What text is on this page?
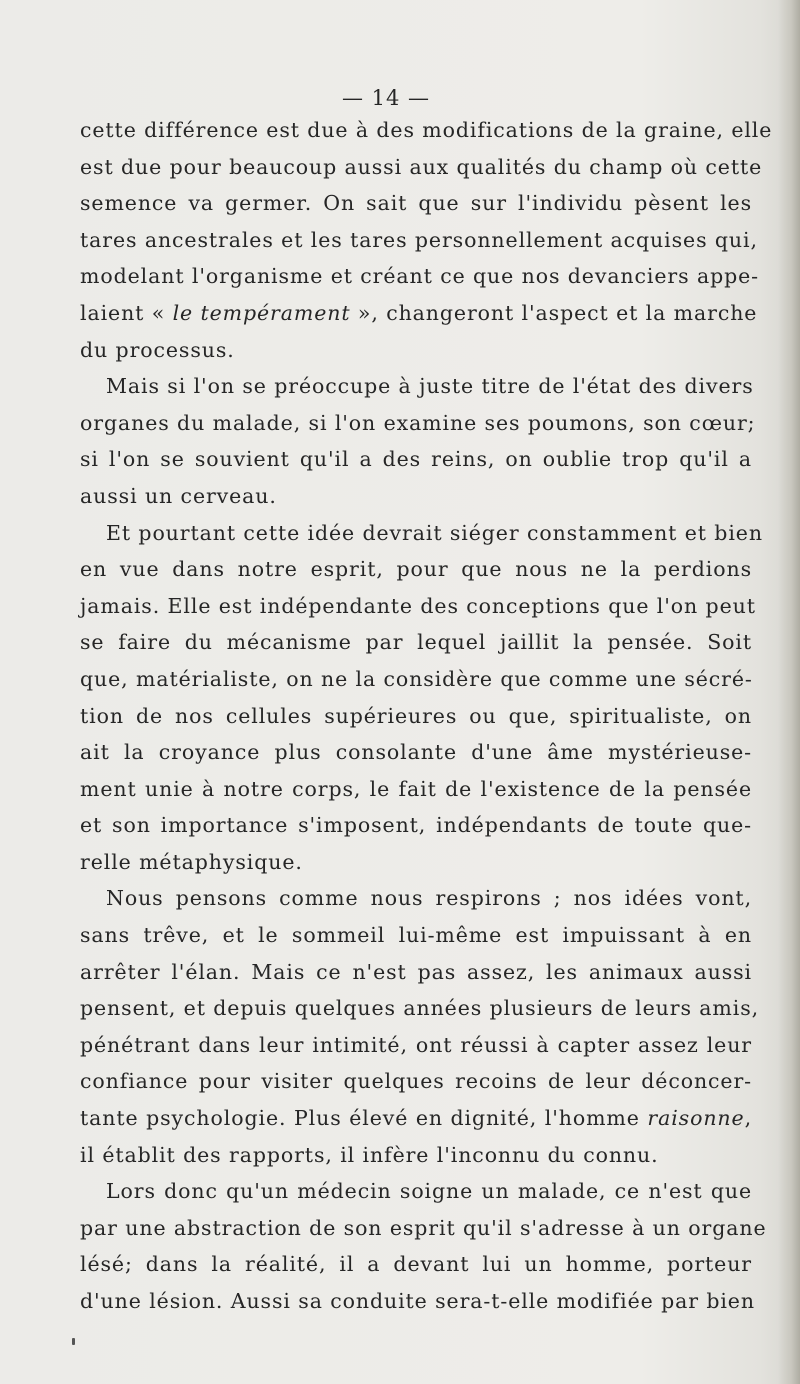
— 14 —

cette différence est due à des modifications de la graine, elle
est due pour beaucoup aussi aux qualités du champ où cette
semence va germer. On sait que sur l'individu pèsent les
tares ancestrales et les tares personnellement acquises qui,
modelant l'organisme et créant ce que nos devanciers appe-
laient « le tempérament », changeront l'aspect et la marche
du processus.

Mais si l'on se préoccupe à juste titre de l'état des divers
organes du malade, si l'on examine ses poumons, son cœur;
si l'on se souvient qu'il a des reins, on oublie trop qu'il a
aussi un cerveau.

Et pourtant cette idée devrait siéger constamment et bien
en vue dans notre esprit, pour que nous ne la perdions
jamais. Elle est indépendante des conceptions que l'on peut
se faire du mécanisme par lequel jaillit la pensée. Soit
que, matérialiste, on ne la considère que comme une sécré-
tion de nos cellules supérieures ou que, spiritualiste, on
ait la croyance plus consolante d'une âme mystérieuse-
ment unie à notre corps, le fait de l'existence de la pensée
et son importance s'imposent, indépendants de toute que-
relle métaphysique.

Nous pensons comme nous respirons ; nos idées vont,
sans trêve, et le sommeil lui-même est impuissant à en
arrêter l'élan. Mais ce n'est pas assez, les animaux aussi
pensent, et depuis quelques années plusieurs de leurs amis,
pénétrant dans leur intimité, ont réussi à capter assez leur
confiance pour visiter quelques recoins de leur déconcer-
tante psychologie. Plus élevé en dignité, l'homme raisonne,
il établit des rapports, il infère l'inconnu du connu.

Lors donc qu'un médecin soigne un malade, ce n'est que
par une abstraction de son esprit qu'il s'adresse à un organe
lésé; dans la réalité, il a devant lui un homme, porteur
d'une lésion. Aussi sa conduite sera-t-elle modifiée par bien
